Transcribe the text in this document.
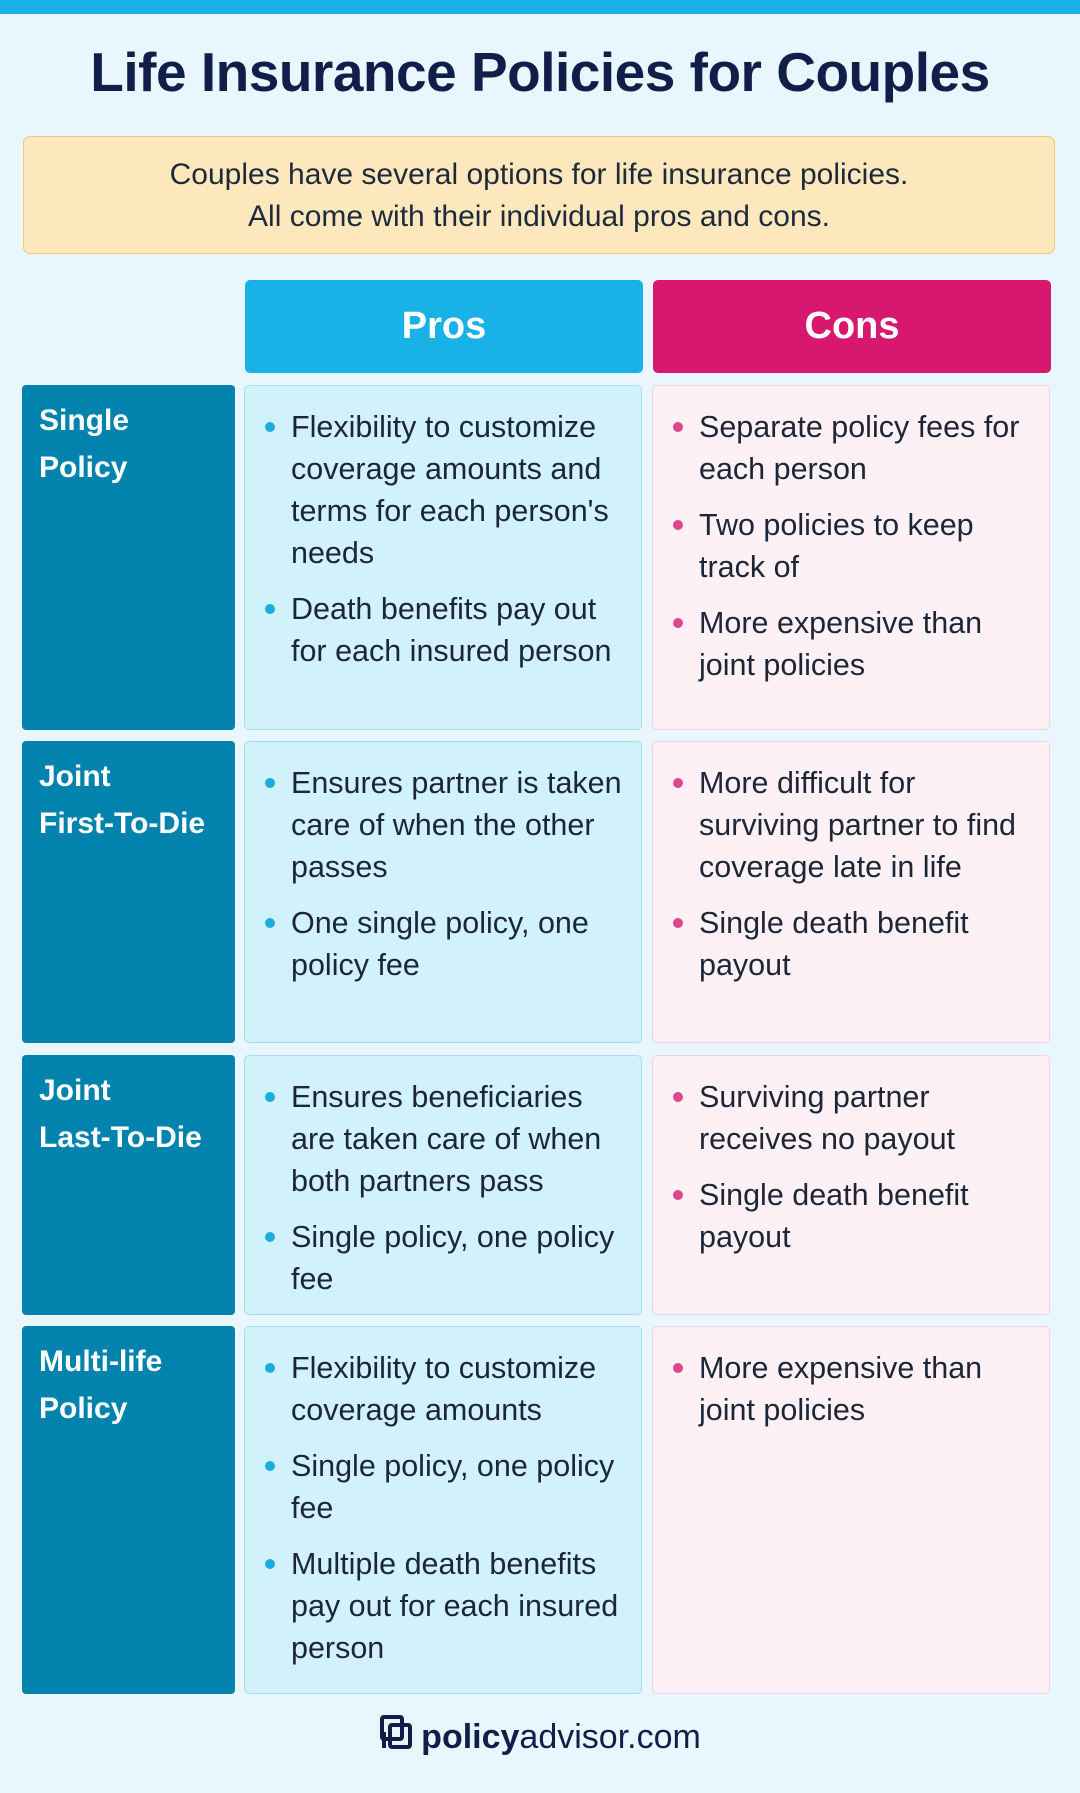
Life Insurance Policies for Couples
Couples have several options for life insurance policies.
All come with their individual pros and cons.
Pros	Cons
Single
Policy
Flexibility to customize coverage amounts and terms for each person's needs
Death benefits pay out for each insured person
Separate policy fees for each person
Two policies to keep track of
More expensive than joint policies
Joint
First-To-Die
Ensures partner is taken care of when the other passes
One single policy, one policy fee
More difficult for surviving partner to find coverage late in life
Single death benefit payout
Joint
Last-To-Die
Ensures beneficiaries are taken care of when both partners pass
Single policy, one policy fee
Surviving partner receives no payout
Single death benefit payout
Multi-life
Policy
Flexibility to customize coverage amounts
Single policy, one policy fee
Multiple death benefits pay out for each insured person
More expensive than joint policies
policyadvisor.com
